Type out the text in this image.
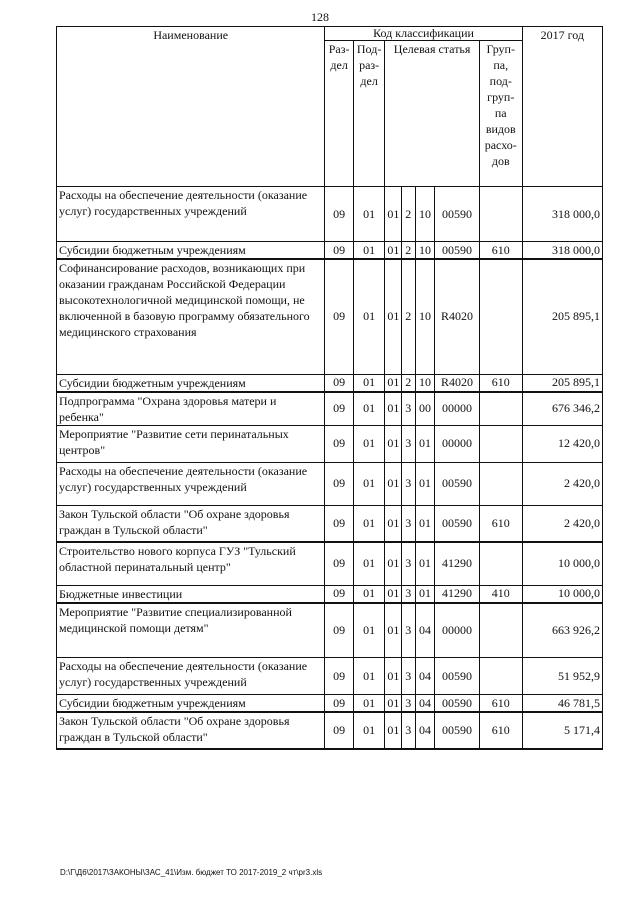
128
Наименование	Код классификации							2017 год
	Раз-дел	Под-раз-дел	Целевая статья				Груп-па, под-груп-па видов расхо-дов	
Расходы на обеспечение деятельности (оказание услуг) государственных учреждений	09	01	01	2	10	00590		318 000,0
Субсидии бюджетным учреждениям	09	01	01	2	10	00590	610	318 000,0
Софинансирование расходов, возникающих при оказании гражданам Российской Федерации высокотехнологичной медицинской помощи, не включенной в базовую программу обязательного медицинского страхования	09	01	01	2	10	R4020		205 895,1
Субсидии бюджетным учреждениям	09	01	01	2	10	R4020	610	205 895,1
Подпрограмма "Охрана здоровья матери и ребенка"	09	01	01	3	00	00000		676 346,2
Мероприятие "Развитие сети перинатальных центров"	09	01	01	3	01	00000		12 420,0
Расходы на обеспечение деятельности (оказание услуг) государственных учреждений	09	01	01	3	01	00590		2 420,0
Закон Тульской области "Об охране здоровья граждан в Тульской области"	09	01	01	3	01	00590	610	2 420,0
Строительство нового корпуса ГУЗ "Тульский областной перинатальный центр"	09	01	01	3	01	41290		10 000,0
Бюджетные инвестиции	09	01	01	3	01	41290	410	10 000,0
Мероприятие "Развитие специализированной медицинской помощи детям"	09	01	01	3	04	00000		663 926,2
Расходы на обеспечение деятельности (оказание услуг) государственных учреждений	09	01	01	3	04	00590		51 952,9
Субсидии бюджетным учреждениям	09	01	01	3	04	00590	610	46 781,5
Закон Тульской области "Об охране здоровья граждан в Тульской области"	09	01	01	3	04	00590	610	5 171,4
D:\Г\Д6\2017\ЗАКОНЫ\ЗАС_41\Изм. бюджет ТО 2017-2019_2 чт\pr3.xls
